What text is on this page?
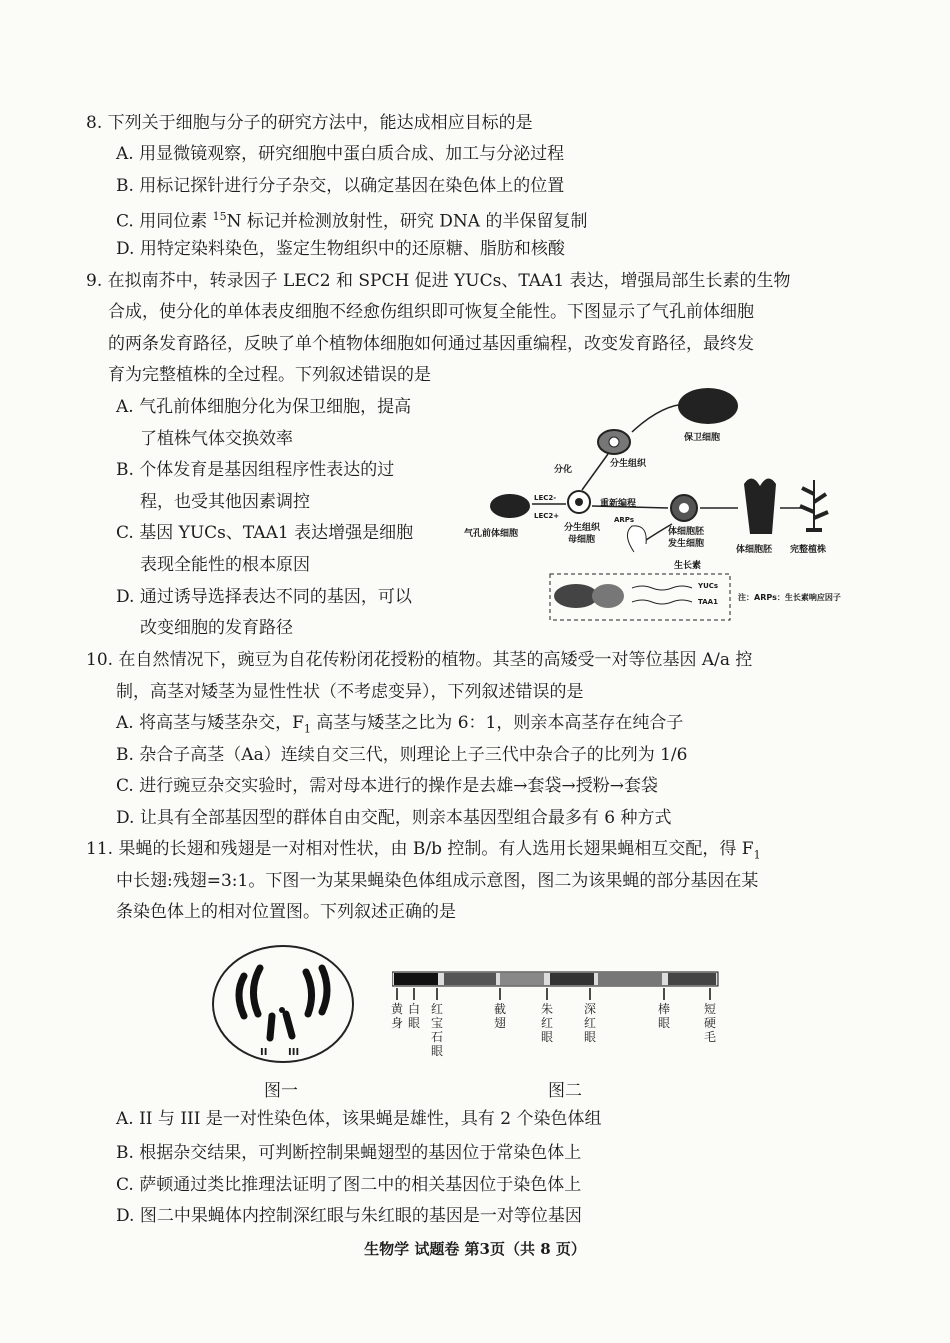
8. 下列关于细胞与分子的研究方法中，能达成相应目标的是
A. 用显微镜观察，研究细胞中蛋白质合成、加工与分泌过程
B. 用标记探针进行分子杂交，以确定基因在染色体上的位置
C. 用同位素 $^{15}$N 标记并检测放射性，研究 DNA 的半保留复制
D. 用特定染料染色，鉴定生物组织中的还原糖、脂肪和核酸
9. 在拟南芥中，转录因子 LEC2 和 SPCH 促进 YUCs、TAA1 表达，增强局部生长素的生物
合成，使分化的单体表皮细胞不经愈伤组织即可恢复全能性。下图显示了气孔前体细胞
的两条发育路径，反映了单个植物体细胞如何通过基因重编程，改变发育路径，最终发
育为完整植株的全过程。下列叙述错误的是
A. 气孔前体细胞分化为保卫细胞，提高
了植株气体交换效率
B. 个体发育是基因组程序性表达的过
程，也受其他因素调控
C. 基因 YUCs、TAA1 表达增强是细胞
表现全能性的根本原因
D. 通过诱导选择表达不同的基因，可以
改变细胞的发育路径
保卫细胞
分化
分生组织
重新编程
气孔前体细胞
LEC2-
LEC2+
分生组织
母细胞
ARPs
体细胞胚
发生细胞
生长素
体细胞胚 完整植株
YUCs
TAA1	注：ARPs：生长素响应因子
10. 在自然情况下，豌豆为自花传粉闭花授粉的植物。其茎的高矮受一对等位基因 A/a 控
制，高茎对矮茎为显性性状（不考虑变异），下列叙述错误的是
A. 将高茎与矮茎杂交，$F_1$ 高茎与矮茎之比为 6：1，则亲本高茎存在纯合子
B. 杂合子高茎（Aa）连续自交三代，则理论上子三代中杂合子的比列为 1/6
C. 进行豌豆杂交实验时，需对母本进行的操作是去雄→套袋→授粉→套袋
D. 让具有全部基因型的群体自由交配，则亲本基因型组合最多有 6 种方式
11. 果蝇的长翅和残翅是一对相对性状，由 B/b 控制。有人选用长翅果蝇相互交配，得 $F_1$
中长翅:残翅=3:1。下图一为某果蝇染色体组成示意图，图二为该果蝇的部分基因在某
条染色体上的相对位置图。下列叙述正确的是
II III
黄身
白眼
红宝石眼
截翅
朱红眼
深红眼
棒眼
短硬毛
图一	图二
A. II 与 III 是一对性染色体，该果蝇是雄性，具有 2 个染色体组
B. 根据杂交结果，可判断控制果蝇翅型的基因位于常染色体上
C. 萨顿通过类比推理法证明了图二中的相关基因位于染色体上
D. 图二中果蝇体内控制深红眼与朱红眼的基因是一对等位基因
生物学 试题卷 第3页（共 8 页）
